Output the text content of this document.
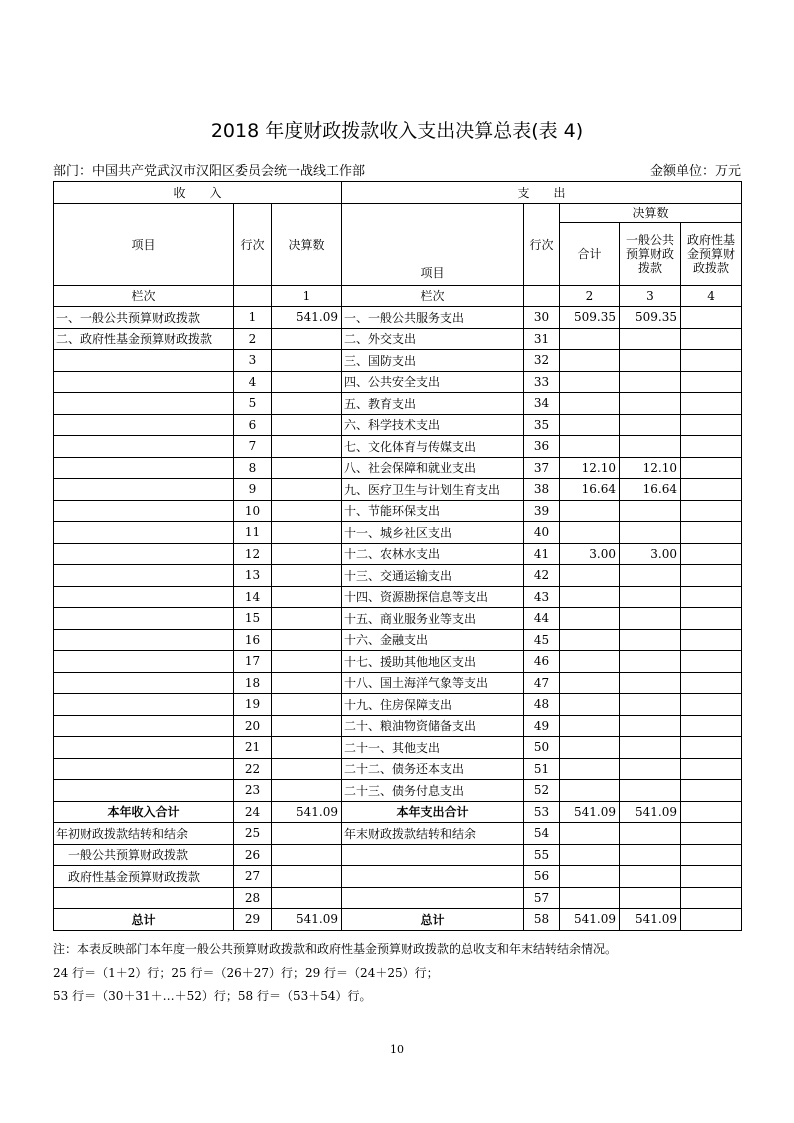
2018 年度财政拨款收入支出决算总表(表 4)
部门：中国共产党武汉市汉阳区委员会统一战线工作部	金额单位：万元
收　　入			支　　出				
项目	行次	决算数	项目	行次	决算数		
					合计	一般公共预算财政拨款	政府性基金预算财政拨款
栏次		1	栏次		2	3	4
一、一般公共预算财政拨款	1	541.09	一、一般公共服务支出	30	509.35	509.35	
二、政府性基金预算财政拨款	2		二、外交支出	31			
	3		三、国防支出	32			
	4		四、公共安全支出	33			
	5		五、教育支出	34			
	6		六、科学技术支出	35			
	7		七、文化体育与传媒支出	36			
	8		八、社会保障和就业支出	37	12.10	12.10	
	9		九、医疗卫生与计划生育支出	38	16.64	16.64	
	10		十、节能环保支出	39			
	11		十一、城乡社区支出	40			
	12		十二、农林水支出	41	3.00	3.00	
	13		十三、交通运输支出	42			
	14		十四、资源勘探信息等支出	43			
	15		十五、商业服务业等支出	44			
	16		十六、金融支出	45			
	17		十七、援助其他地区支出	46			
	18		十八、国土海洋气象等支出	47			
	19		十九、住房保障支出	48			
	20		二十、粮油物资储备支出	49			
	21		二十一、其他支出	50			
	22		二十二、债务还本支出	51			
	23		二十三、债务付息支出	52			
本年收入合计	24	541.09	本年支出合计	53	541.09	541.09	
年初财政拨款结转和结余	25		年末财政拨款结转和结余	54			
一般公共预算财政拨款	26			55			
政府性基金预算财政拨款	27			56			
	28			57			
总计	29	541.09	总计	58	541.09	541.09	
注：本表反映部门本年度一般公共预算财政拨款和政府性基金预算财政拨款的总收支和年末结转结余情况。
24 行＝（1＋2）行；25 行＝（26＋27）行；29 行＝（24＋25）行；
53 行＝（30＋31＋…＋52）行；58 行＝（53＋54）行。
10
